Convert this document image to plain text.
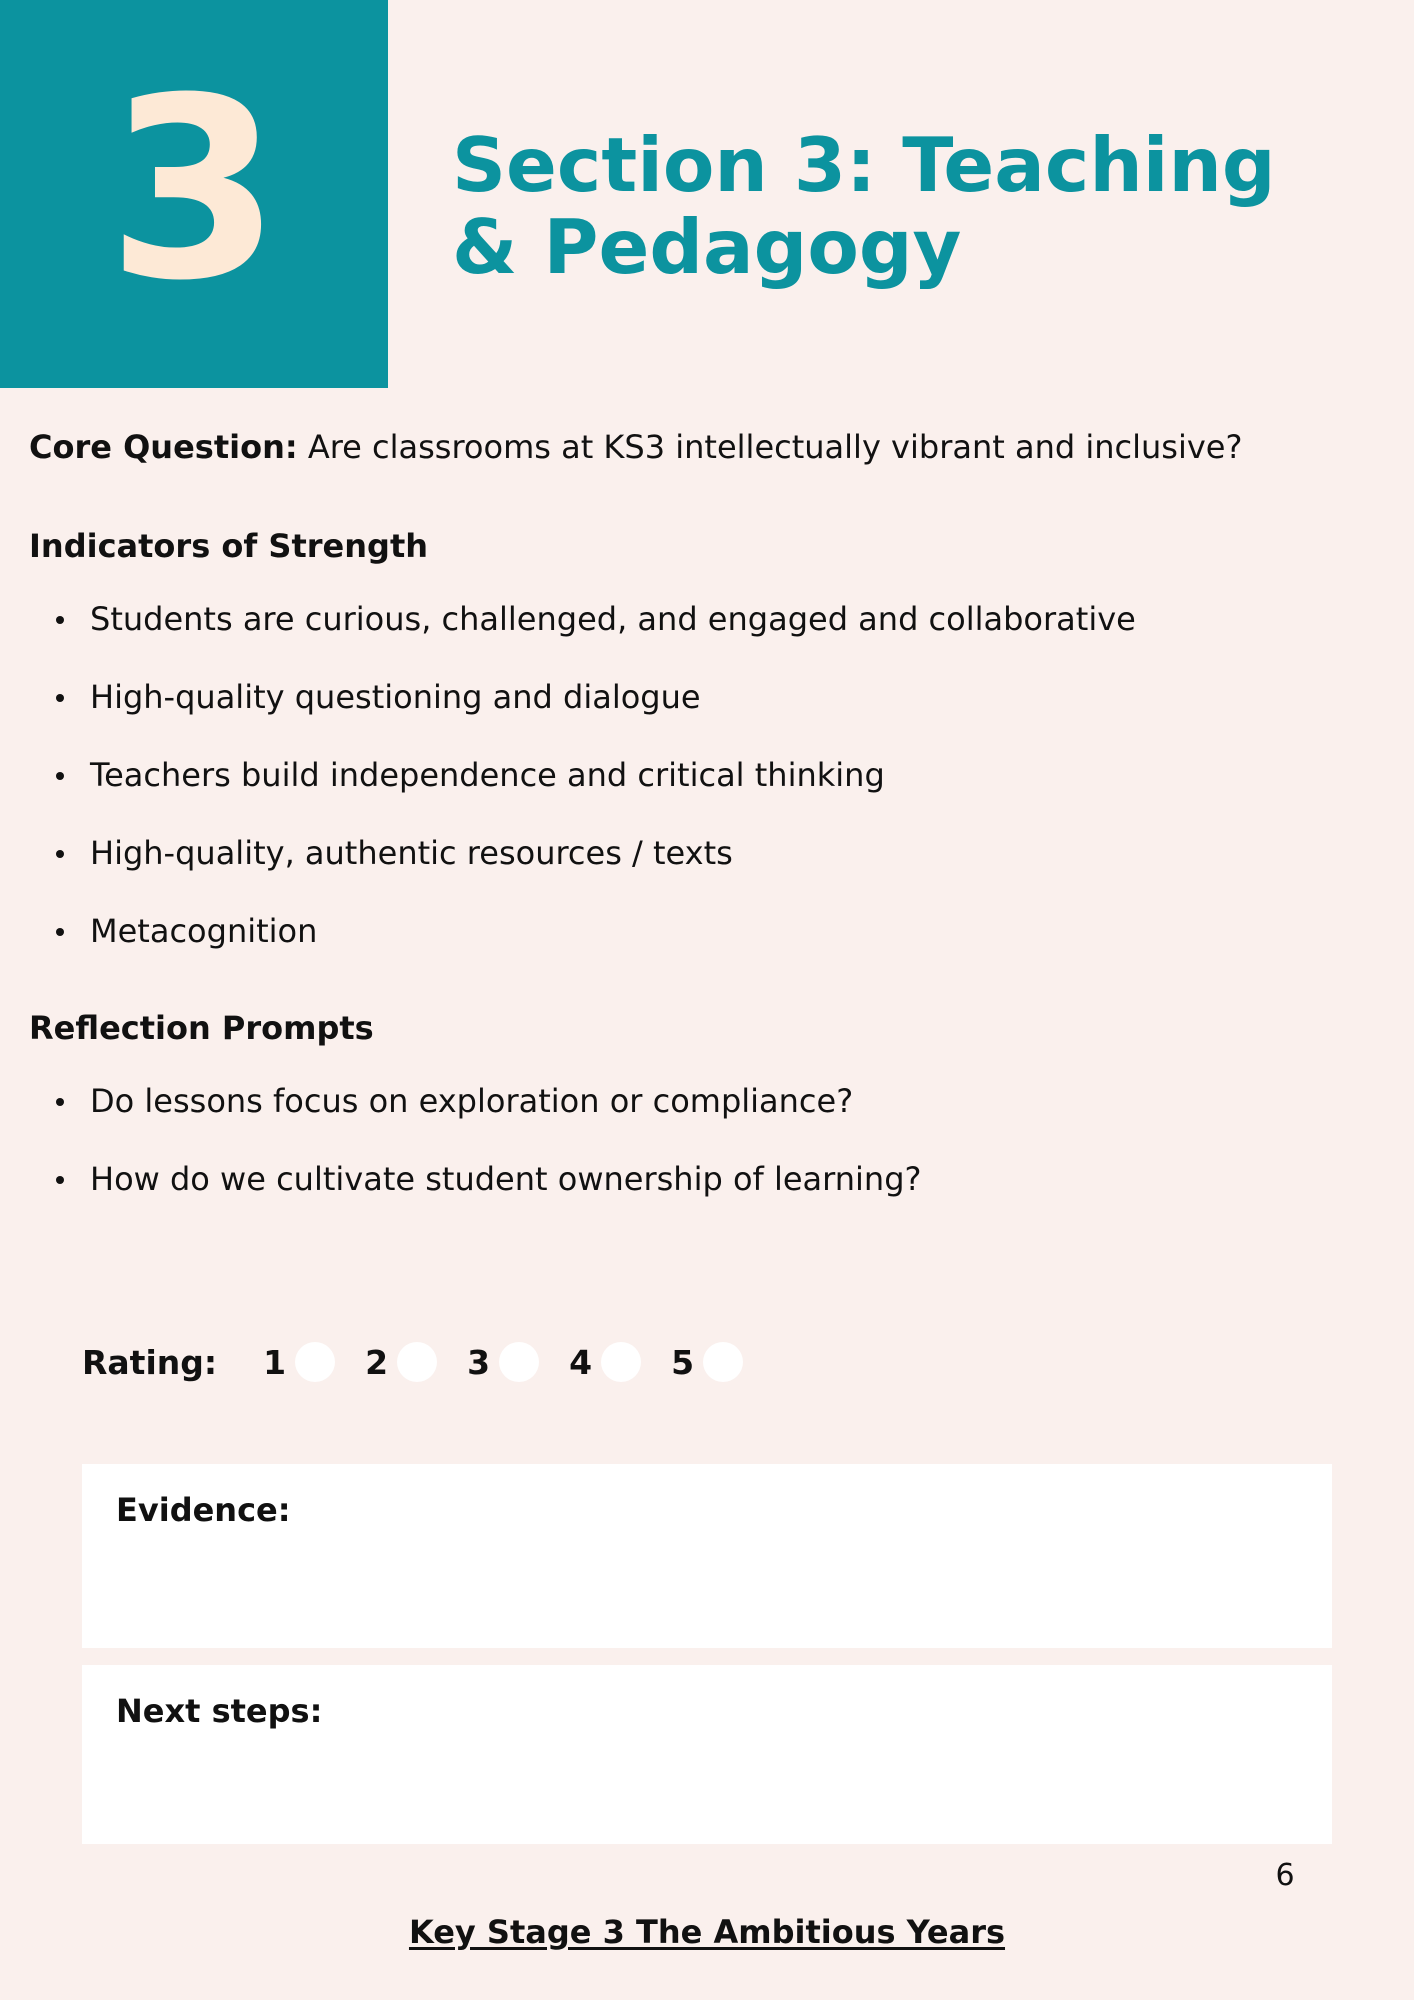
3 Section 3: Teaching & Pedagogy

Core Question: Are classrooms at KS3 intellectually vibrant and inclusive?

Indicators of Strength
Students are curious, challenged, and engaged and collaborative
High-quality questioning and dialogue
Teachers build independence and critical thinking
High-quality, authentic resources / texts
Metacognition
Reflection Prompts
Do lessons focus on exploration or compliance?
How do we cultivate student ownership of learning?
Rating: 1 2 3 4 5
Evidence:
Next steps:
6
Key Stage 3 The Ambitious Years
